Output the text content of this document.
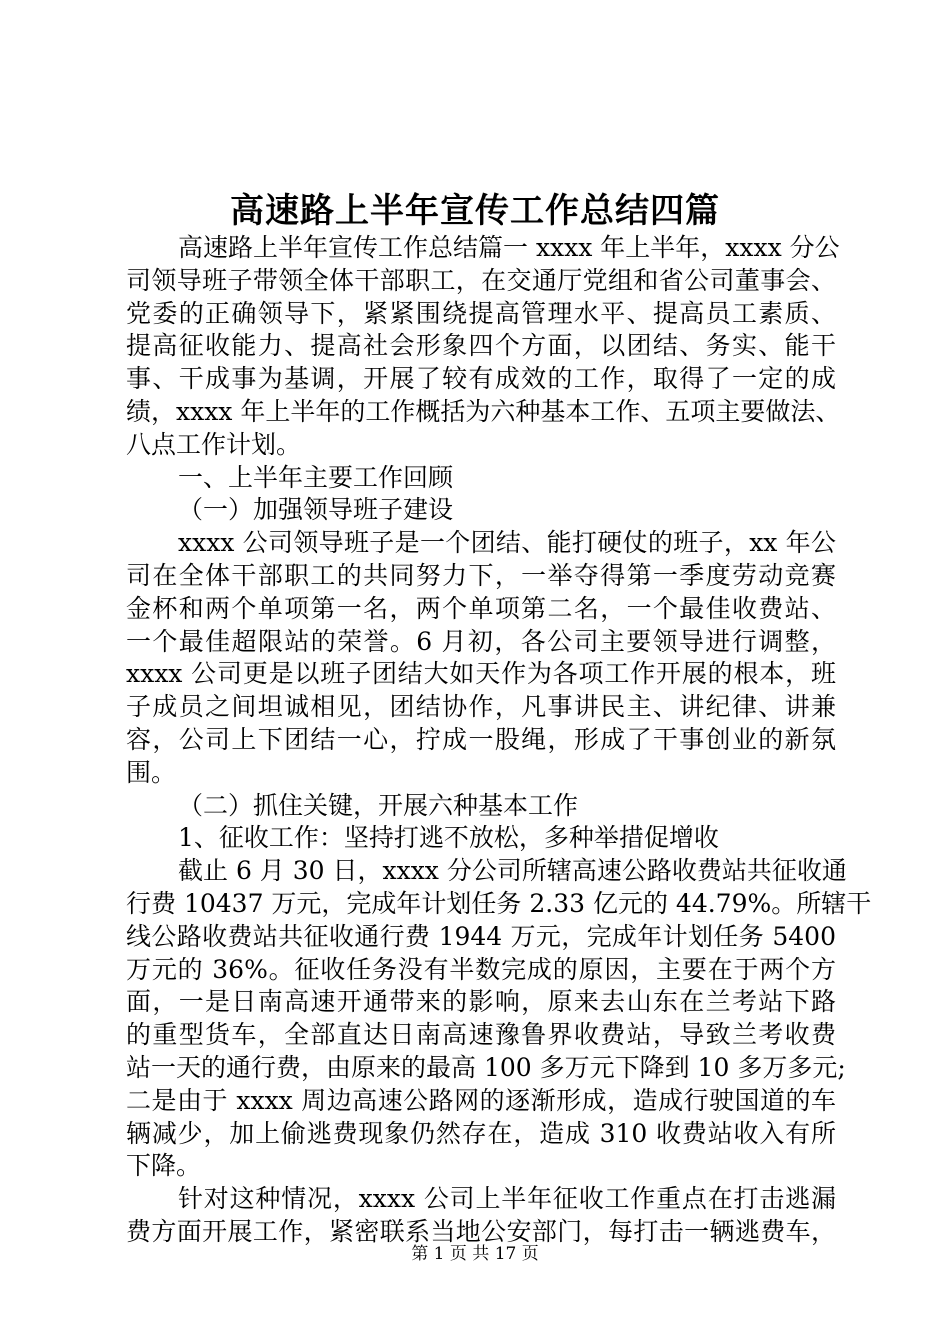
高速路上半年宣传工作总结四篇
高速路上半年宣传工作总结篇一 xxxx 年上半年，xxxx 分公
司领导班子带领全体干部职工，在交通厅党组和省公司董事会、
党委的正确领导下，紧紧围绕提高管理水平、提高员工素质、
提高征收能力、提高社会形象四个方面，以团结、务实、能干
事、干成事为基调，开展了较有成效的工作，取得了一定的成
绩，xxxx 年上半年的工作概括为六种基本工作、五项主要做法、
八点工作计划。
一、上半年主要工作回顾
（一）加强领导班子建设
xxxx 公司领导班子是一个团结、能打硬仗的班子，xx 年公
司在全体干部职工的共同努力下，一举夺得第一季度劳动竞赛
金杯和两个单项第一名，两个单项第二名，一个最佳收费站、
一个最佳超限站的荣誉。6 月初，各公司主要领导进行调整，
xxxx 公司更是以班子团结大如天作为各项工作开展的根本，班
子成员之间坦诚相见，团结协作，凡事讲民主、讲纪律、讲兼
容，公司上下团结一心，拧成一股绳，形成了干事创业的新氛
围。
（二）抓住关键，开展六种基本工作
1、征收工作：坚持打逃不放松，多种举措促增收
截止 6 月 30 日，xxxx 分公司所辖高速公路收费站共征收通
行费 10437 万元，完成年计划任务 2.33 亿元的 44.79%。所辖干
线公路收费站共征收通行费 1944 万元，完成年计划任务 5400
万元的 36%。征收任务没有半数完成的原因，主要在于两个方
面，一是日南高速开通带来的影响，原来去山东在兰考站下路
的重型货车，全部直达日南高速豫鲁界收费站，导致兰考收费
站一天的通行费，由原来的最高 100 多万元下降到 10 多万多元;
二是由于 xxxx 周边高速公路网的逐渐形成，造成行驶国道的车
辆减少，加上偷逃费现象仍然存在，造成 310 收费站收入有所
下降。
针对这种情况，xxxx 公司上半年征收工作重点在打击逃漏
费方面开展工作，紧密联系当地公安部门，每打击一辆逃费车，
第 1 页 共 17 页
